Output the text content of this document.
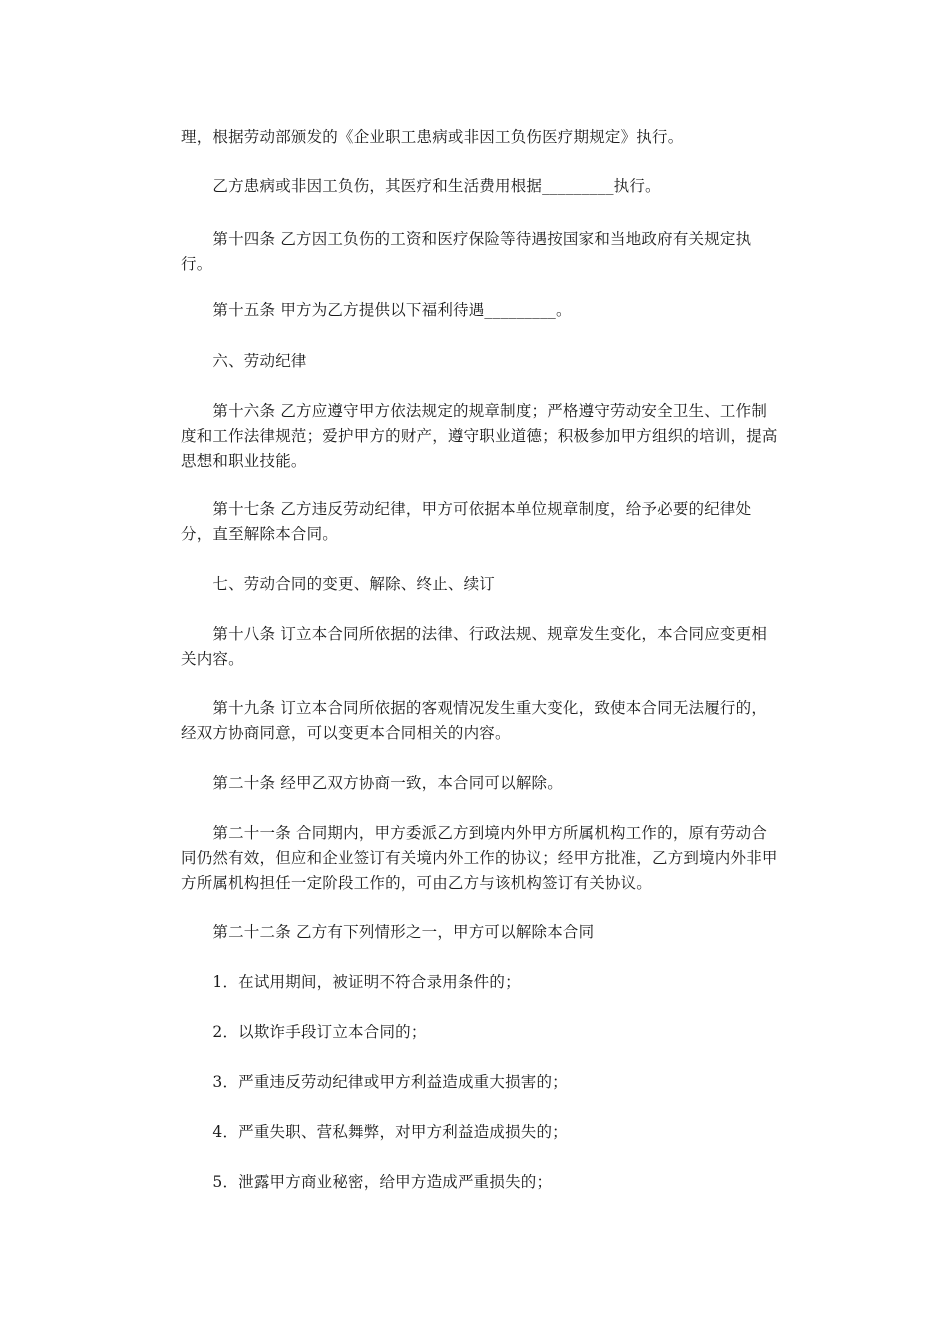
理，根据劳动部颁发的《企业职工患病或非因工负伤医疗期规定》执行。

　　乙方患病或非因工负伤，其医疗和生活费用根据_________执行。

　　第十四条 乙方因工负伤的工资和医疗保险等待遇按国家和当地政府有关规定执行。

　　第十五条 甲方为乙方提供以下福利待遇_________。

　　六、劳动纪律

　　第十六条 乙方应遵守甲方依法规定的规章制度；严格遵守劳动安全卫生、工作制度和工作法律规范；爱护甲方的财产，遵守职业道德；积极参加甲方组织的培训，提高思想和职业技能。

　　第十七条 乙方违反劳动纪律，甲方可依据本单位规章制度，给予必要的纪律处分，直至解除本合同。

　　七、劳动合同的变更、解除、终止、续订

　　第十八条 订立本合同所依据的法律、行政法规、规章发生变化，本合同应变更相关内容。

　　第十九条 订立本合同所依据的客观情况发生重大变化，致使本合同无法履行的，经双方协商同意，可以变更本合同相关的内容。

　　第二十条 经甲乙双方协商一致，本合同可以解除。

　　第二十一条 合同期内，甲方委派乙方到境内外甲方所属机构工作的，原有劳动合同仍然有效，但应和企业签订有关境内外工作的协议；经甲方批准，乙方到境内外非甲方所属机构担任一定阶段工作的，可由乙方与该机构签订有关协议。

　　第二十二条 乙方有下列情形之一，甲方可以解除本合同

　　1．在试用期间，被证明不符合录用条件的；

　　2．以欺诈手段订立本合同的；

　　3．严重违反劳动纪律或甲方利益造成重大损害的；

　　4．严重失职、营私舞弊，对甲方利益造成损失的；

　　5．泄露甲方商业秘密，给甲方造成严重损失的；
